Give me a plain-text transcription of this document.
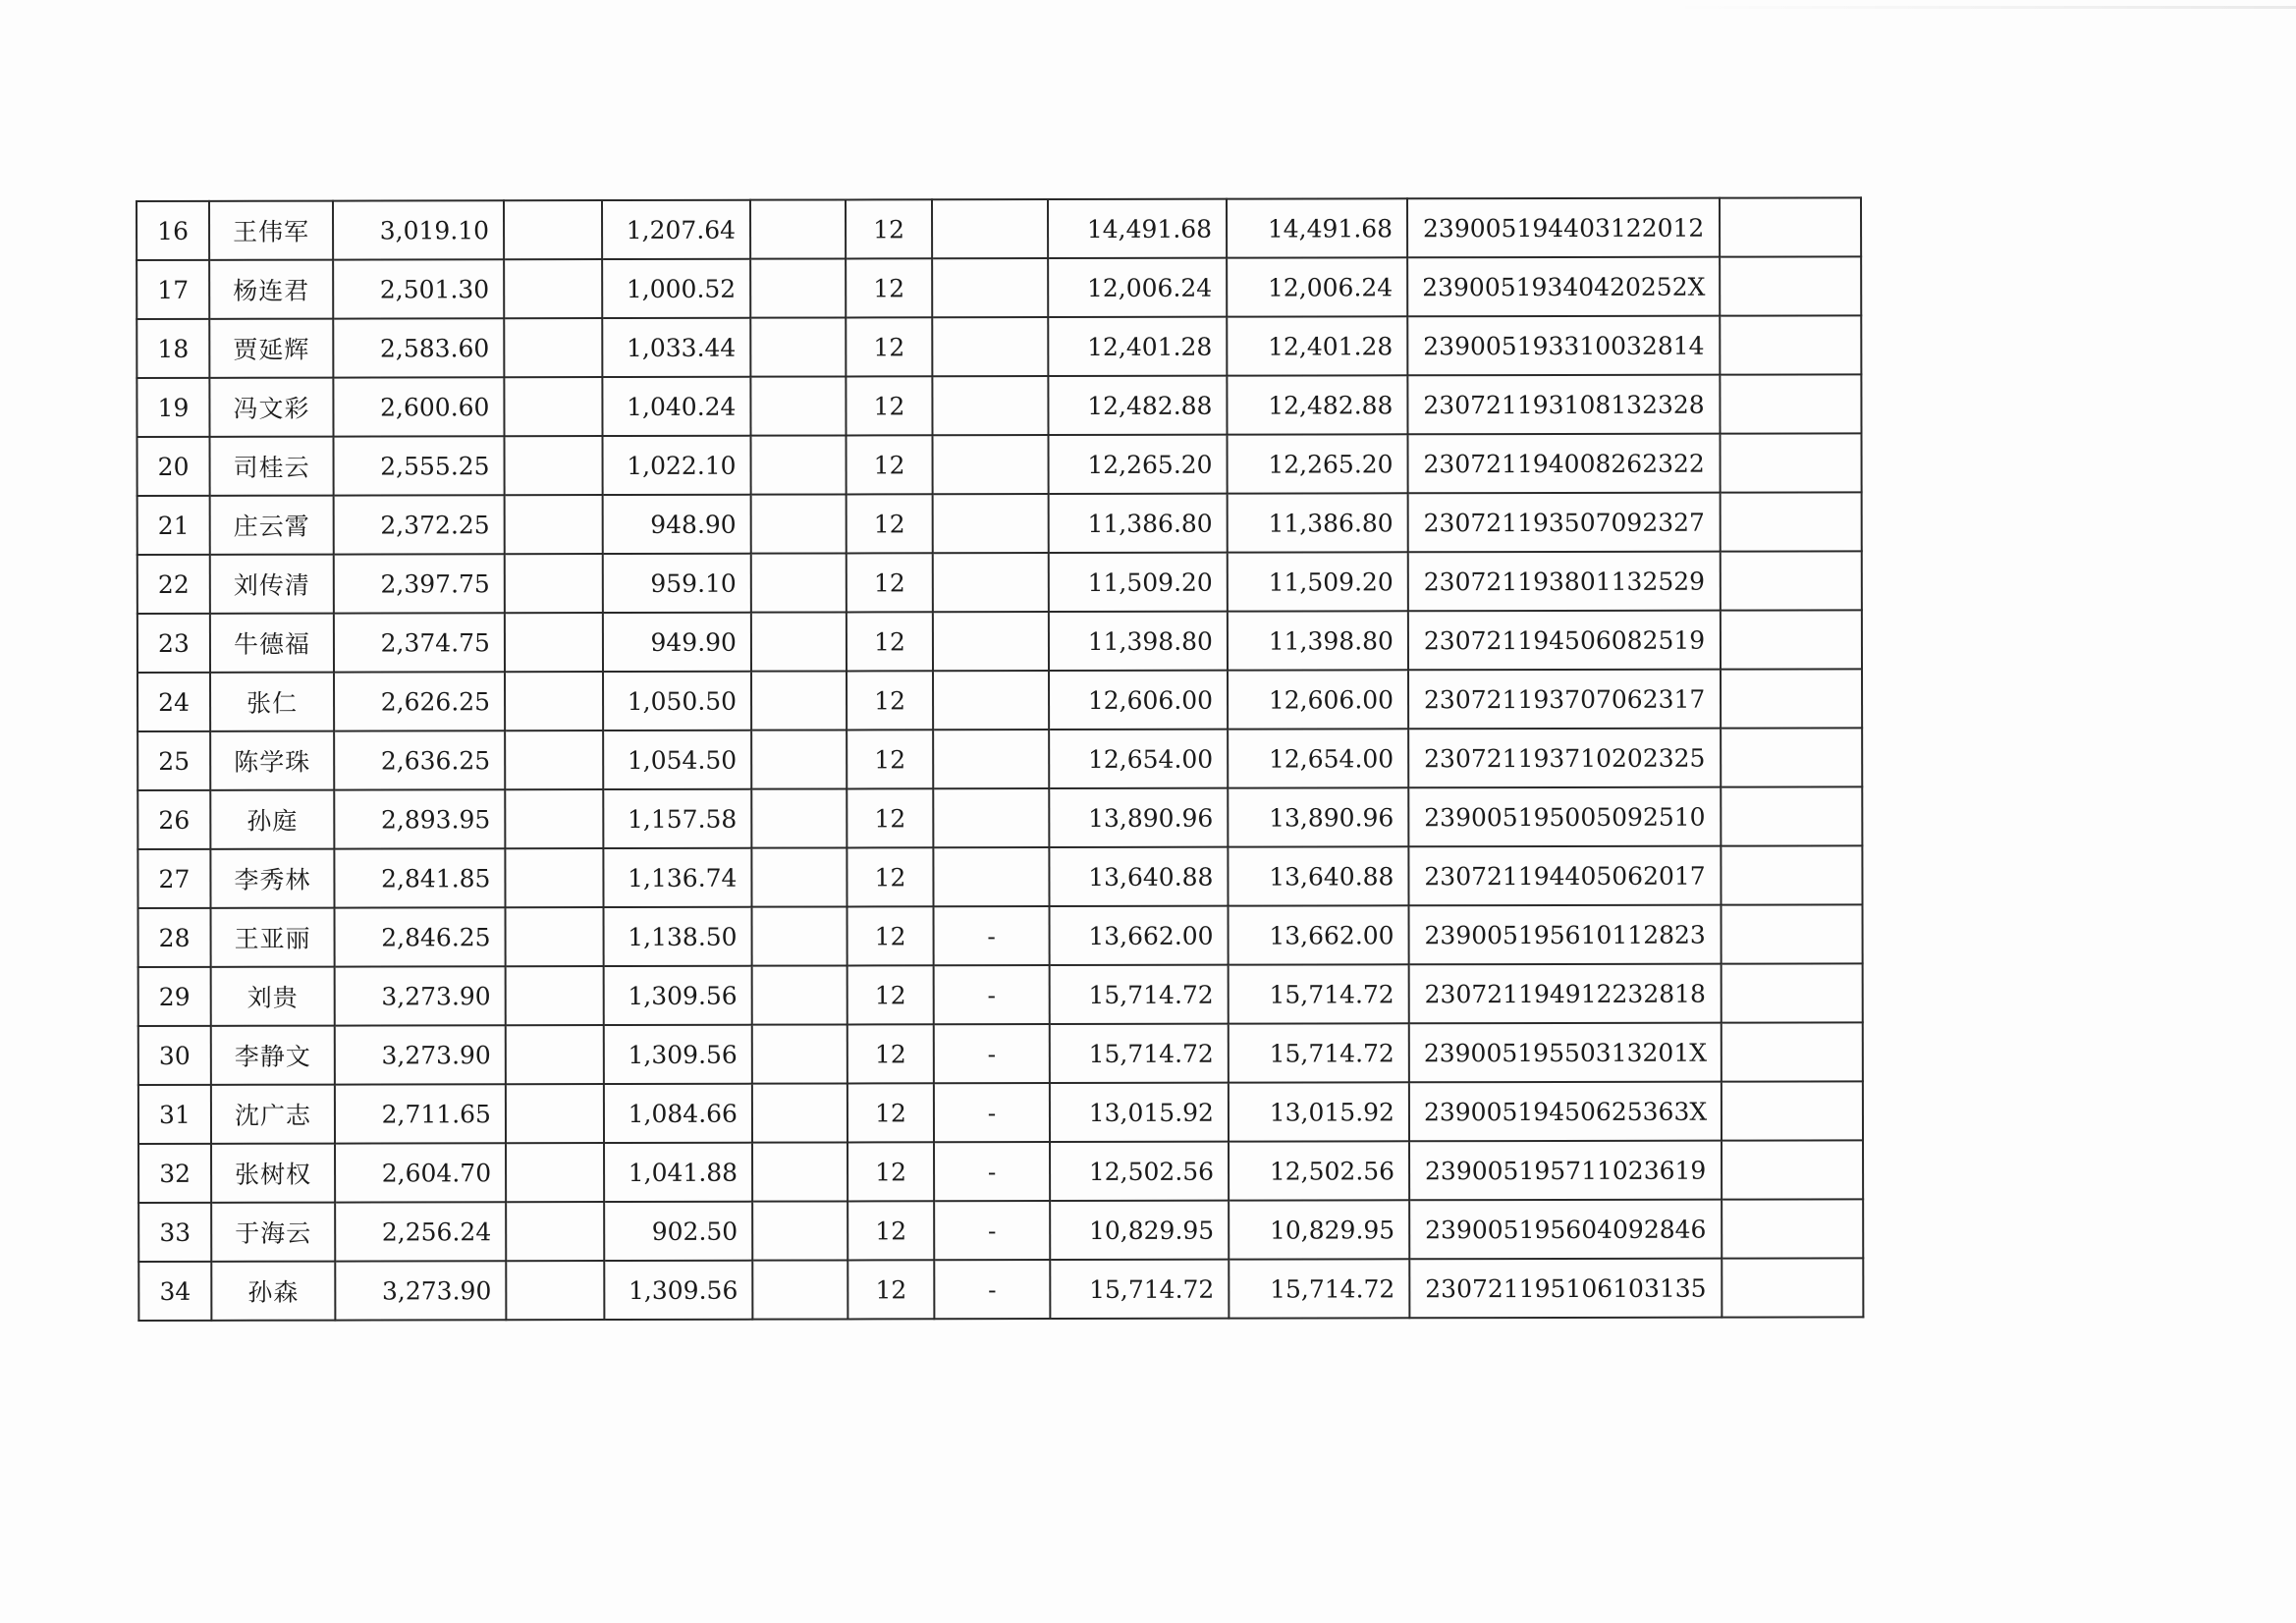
16	王伟军	3,019.10		1,207.64		12		14,491.68	14,491.68	239005194403122012	
17	杨连君	2,501.30		1,000.52		12		12,006.24	12,006.24	23900519340420252X	
18	贾延辉	2,583.60		1,033.44		12		12,401.28	12,401.28	239005193310032814	
19	冯文彩	2,600.60		1,040.24		12		12,482.88	12,482.88	230721193108132328	
20	司桂云	2,555.25		1,022.10		12		12,265.20	12,265.20	230721194008262322	
21	庄云霄	2,372.25		948.90		12		11,386.80	11,386.80	230721193507092327	
22	刘传清	2,397.75		959.10		12		11,509.20	11,509.20	230721193801132529	
23	牛德福	2,374.75		949.90		12		11,398.80	11,398.80	230721194506082519	
24	张仁	2,626.25		1,050.50		12		12,606.00	12,606.00	230721193707062317	
25	陈学珠	2,636.25		1,054.50		12		12,654.00	12,654.00	230721193710202325	
26	孙庭	2,893.95		1,157.58		12		13,890.96	13,890.96	239005195005092510	
27	李秀林	2,841.85		1,136.74		12		13,640.88	13,640.88	230721194405062017	
28	王亚丽	2,846.25		1,138.50		12	-	13,662.00	13,662.00	239005195610112823	
29	刘贵	3,273.90		1,309.56		12	-	15,714.72	15,714.72	230721194912232818	
30	李静文	3,273.90		1,309.56		12	-	15,714.72	15,714.72	23900519550313201X	
31	沈广志	2,711.65		1,084.66		12	-	13,015.92	13,015.92	23900519450625363X	
32	张树权	2,604.70		1,041.88		12	-	12,502.56	12,502.56	239005195711023619	
33	于海云	2,256.24		902.50		12	-	10,829.95	10,829.95	239005195604092846	
34	孙森	3,273.90		1,309.56		12	-	15,714.72	15,714.72	230721195106103135	
